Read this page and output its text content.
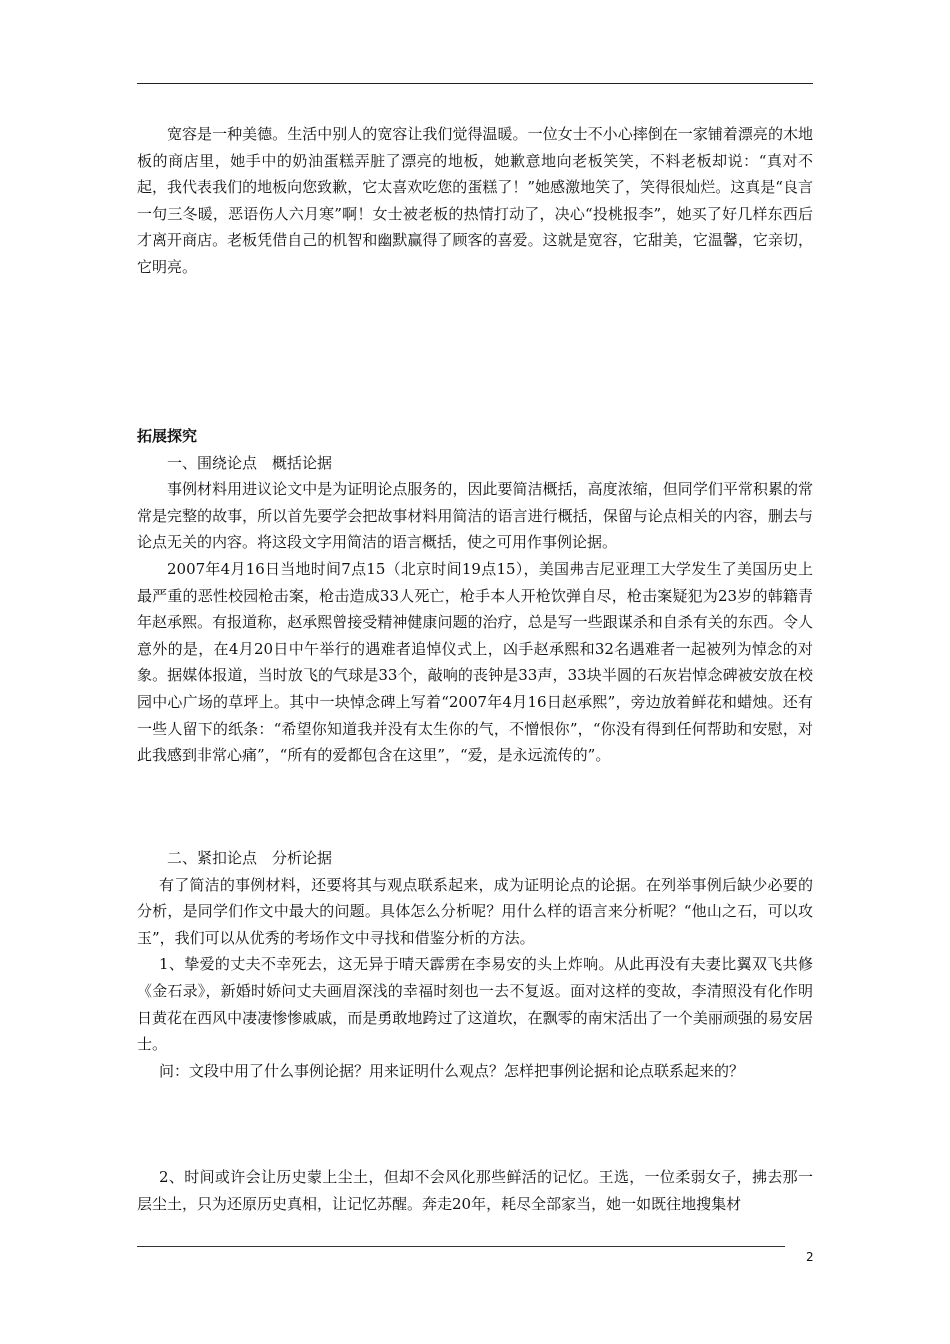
宽容是一种美德。生活中别人的宽容让我们觉得温暖。一位女士不小心摔倒在一家铺着漂亮的木地板的商店里，她手中的奶油蛋糕弄脏了漂亮的地板，她歉意地向老板笑笑，不料老板却说：“真对不起，我代表我们的地板向您致歉，它太喜欢吃您的蛋糕了！”她感激地笑了，笑得很灿烂。这真是“良言一句三冬暖，恶语伤人六月寒”啊！女士被老板的热情打动了，决心“投桃报李”，她买了好几样东西后才离开商店。老板凭借自己的机智和幽默赢得了顾客的喜爱。这就是宽容，它甜美，它温馨，它亲切，它明亮。

拓展探究

一、围绕论点　概括论据

事例材料用进议论文中是为证明论点服务的，因此要简洁概括，高度浓缩，但同学们平常积累的常常是完整的故事，所以首先要学会把故事材料用简洁的语言进行概括，保留与论点相关的内容，删去与论点无关的内容。将这段文字用简洁的语言概括，使之可用作事例论据。

2007年4月16日当地时间7点15（北京时间19点15），美国弗吉尼亚理工大学发生了美国历史上最严重的恶性校园枪击案，枪击造成33人死亡，枪手本人开枪饮弹自尽，枪击案疑犯为23岁的韩籍青年赵承熙。有报道称，赵承熙曾接受精神健康问题的治疗，总是写一些跟谋杀和自杀有关的东西。令人意外的是，在4月20日中午举行的遇难者追悼仪式上，凶手赵承熙和32名遇难者一起被列为悼念的对象。据媒体报道，当时放飞的气球是33个，敲响的丧钟是33声，33块半圆的石灰岩悼念碑被安放在校园中心广场的草坪上。其中一块悼念碑上写着“2007年4月16日赵承熙”，旁边放着鲜花和蜡烛。还有一些人留下的纸条：“希望你知道我并没有太生你的气，不憎恨你”，“你没有得到任何帮助和安慰，对此我感到非常心痛”，“所有的爱都包含在这里”，“爱，是永远流传的”。

二、紧扣论点　分析论据

有了简洁的事例材料，还要将其与观点联系起来，成为证明论点的论据。在列举事例后缺少必要的分析，是同学们作文中最大的问题。具体怎么分析呢？用什么样的语言来分析呢？“他山之石，可以攻玉”，我们可以从优秀的考场作文中寻找和借鉴分析的方法。

1、挚爱的丈夫不幸死去，这无异于晴天霹雳在李易安的头上炸响。从此再没有夫妻比翼双飞共修《金石录》，新婚时娇问丈夫画眉深浅的幸福时刻也一去不复返。面对这样的变故，李清照没有化作明日黄花在西风中凄凄惨惨戚戚，而是勇敢地跨过了这道坎，在飘零的南宋活出了一个美丽顽强的易安居士。

问：文段中用了什么事例论据？用来证明什么观点？怎样把事例论据和论点联系起来的？

2、时间或许会让历史蒙上尘土，但却不会风化那些鲜活的记忆。王选，一位柔弱女子，拂去那一层尘土，只为还原历史真相，让记忆苏醒。奔走20年，耗尽全部家当，她一如既往地搜集材

2
